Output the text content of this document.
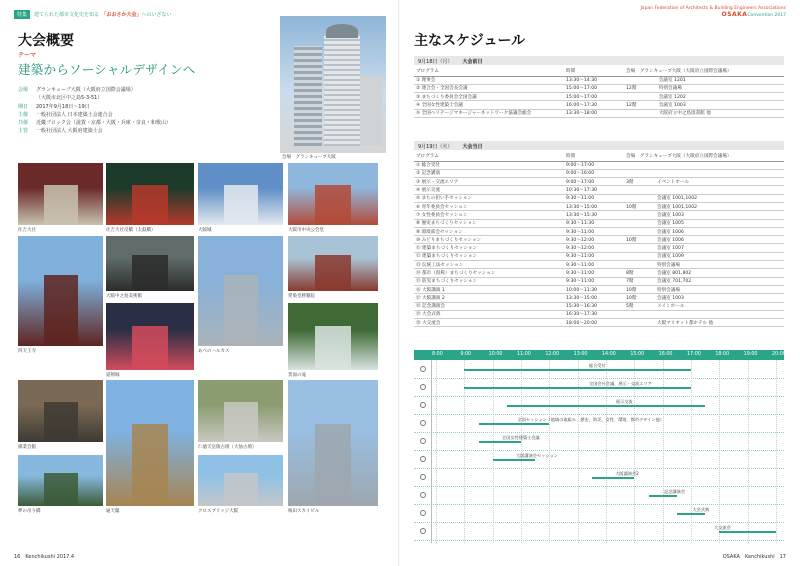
特集	建てられた都市文化史を知る　「おおさか大会」へのいざない
大会概要
テーマ
建築からソーシャルデザインへ
会場	グランキューブ大阪（大阪府立国際会議場）
（大阪市北区中之島5-3-51）
期日	2017年9月18日～19日
主催	一般社団法人 日本建築士会連合会
共催	近畿ブロック会（滋賀・京都・大阪・兵庫・奈良・和歌山）
主管	一般社団法人 大阪府建築士会
会場　グランキューブ大阪
住吉大社	住吉大社反橋（太鼓橋）	大阪城	大阪市中央公会堂
四天王寺
大阪中之島美術館
あべのハルカス
愛染堂勝鬘院
道頓堀	箕面の滝
綿業会館
通天閣
仁徳天皇陵古墳（大仙古墳）
梅田スカイビル
夢の吊り橋	クロスブリッジ大阪
16　Kenchikushi 2017.4
Japan Federation of Architects & Building Engineers Associations
OSAKAConvention 2017
主なスケジュール
9月18日（月） 大会前日
プログラム	時間	会場　グランキューブ大阪（大阪府立国際会議場）	
① 理事会	13:30～14:30		会議室 1201
② 連合会・全国会長会議	15:00～17:00	12階	特別会議場
③ まちづくり委員会全国会議	15:00～17:00		会議室 1202
④ 全国女性建築士会議	16:00～17:30	12階	会議室 1003
⑤ 全国ヘリテージマネージャーネットワーク協議会総会	13:30～18:00		大阪府立中之島図書館 他
9月19日（火） 大会当日
プログラム	時間	会場　グランキューブ大阪（大阪府立国際会議場）	
① 総合受付	9:00～17:00		
② 記念講演	9:00～16:00		
③ 展示・交流エリア	9:00～17:00	3階	イベントホール
④ 展示交流	10:30～17:30		
⑤ まちの担い手セッション	9:30～11:00		会議室 1001,1002
⑥ 青年委員会セッション	13:30～15:00	10階	会議室 1001,1002
⑦ 女性委員会セッション	13:30～15:30		会議室 1003
⑧ 歴史まちづくりセッション	9:30～11:30		会議室 1005
⑨ 環境部会セッション	9:30～11:00		会議室 1006
⑩ みどりまちづくりセッション	9:30～12:00	10階	会議室 1006
⑪ 建築まちづくりセッション	9:30～12:00		会議室 1007
⑫ 建築まちづくりセッション	9:30～11:00		会議室 1009
⑬ 伝統工法セッション	9:30～11:00		特別会議場
⑭ 都市（仮称）まちづくりセッション	9:30～11:00	8階	会議室 801,802
⑮ 防災まちづくりセッション	9:30～11:00	7階	会議室 701,702
⑯ 大阪講演 1	10:00～11:30	10階	特別会議場
⑰ 大阪講演 2	13:30～15:00	10階	会議室 1003
⑱ 記念講演会	15:30～16:30	5階	メインホール
⑲ 大会式典	16:30～17:30		
⑳ 大交流会	18:00～20:00		大阪マリオット都ホテル 他
8:00	9:00	10:00	11:00	12:00	13:00	14:00	15:00	16:00	17:00	18:00	19:00	20:00
総合受付
全国会長会議、展示・交流エリア
展示交流
全国セッション（地域の取組み、歴史、防災、女性、環境、都市デザイン他）
全国女性建築士会議
大阪講演会セッション
大阪講演会2
記念講演会
大会式典
大交流会
OSAKA　Kenchikushi　17
